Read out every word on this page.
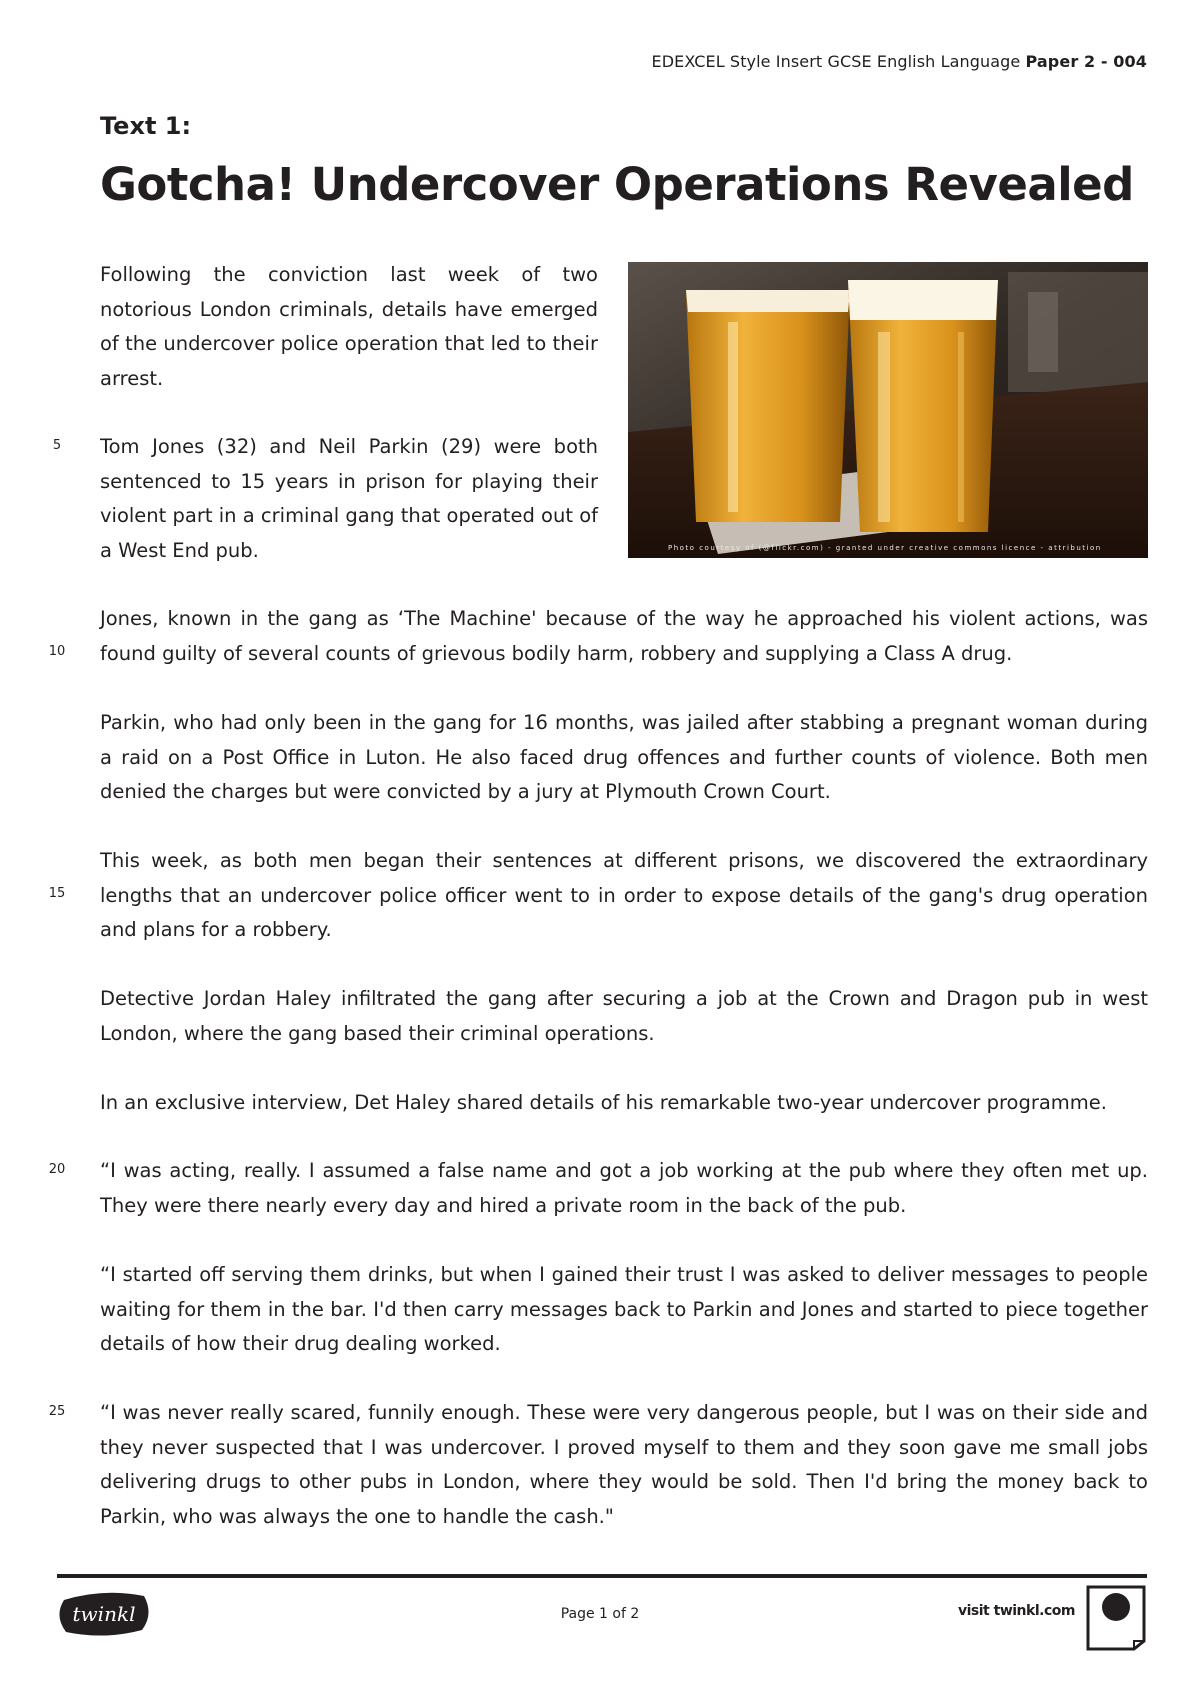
EDEXCEL Style Insert GCSE English Language Paper 2 - 004
Text 1:
Gotcha! Undercover Operations Revealed
Photo courtesy of (@flickr.com) - granted under creative commons licence - attribution

Following the conviction last week of two notorious London criminals, details have emerged of the undercover police operation that led to their arrest.

Tom Jones (32) and Neil Parkin (29) were both sentenced to 15 years in prison for playing their violent part in a criminal gang that operated out of a West End pub.

Jones, known in the gang as ‘The Machine' because of the way he approached his violent actions, was found guilty of several counts of grievous bodily harm, robbery and supplying a Class A drug.

Parkin, who had only been in the gang for 16 months, was jailed after stabbing a pregnant woman during a raid on a Post Office in Luton. He also faced drug offences and further counts of violence. Both men denied the charges but were convicted by a jury at Plymouth Crown Court.

This week, as both men began their sentences at different prisons, we discovered the extraordinary lengths that an undercover police officer went to in order to expose details of the gang's drug operation and plans for a robbery.

Detective Jordan Haley infiltrated the gang after securing a job at the Crown and Dragon pub in west London, where the gang based their criminal operations.

In an exclusive interview, Det Haley shared details of his remarkable two-year undercover programme.

“I was acting, really. I assumed a false name and got a job working at the pub where they often met up. They were there nearly every day and hired a private room in the back of the pub.

“I started off serving them drinks, but when I gained their trust I was asked to deliver messages to people waiting for them in the bar. I'd then carry messages back to Parkin and Jones and started to piece together details of how their drug dealing worked.

“I was never really scared, funnily enough. These were very dangerous people, but I was on their side and they never suspected that I was undercover. I proved myself to them and they soon gave me small jobs delivering drugs to other pubs in London, where they would be sold. Then I'd bring the money back to Parkin, who was always the one to handle the cash."

5
10
15
20
25
twinkl	Page 1 of 2	visit twinkl.com
